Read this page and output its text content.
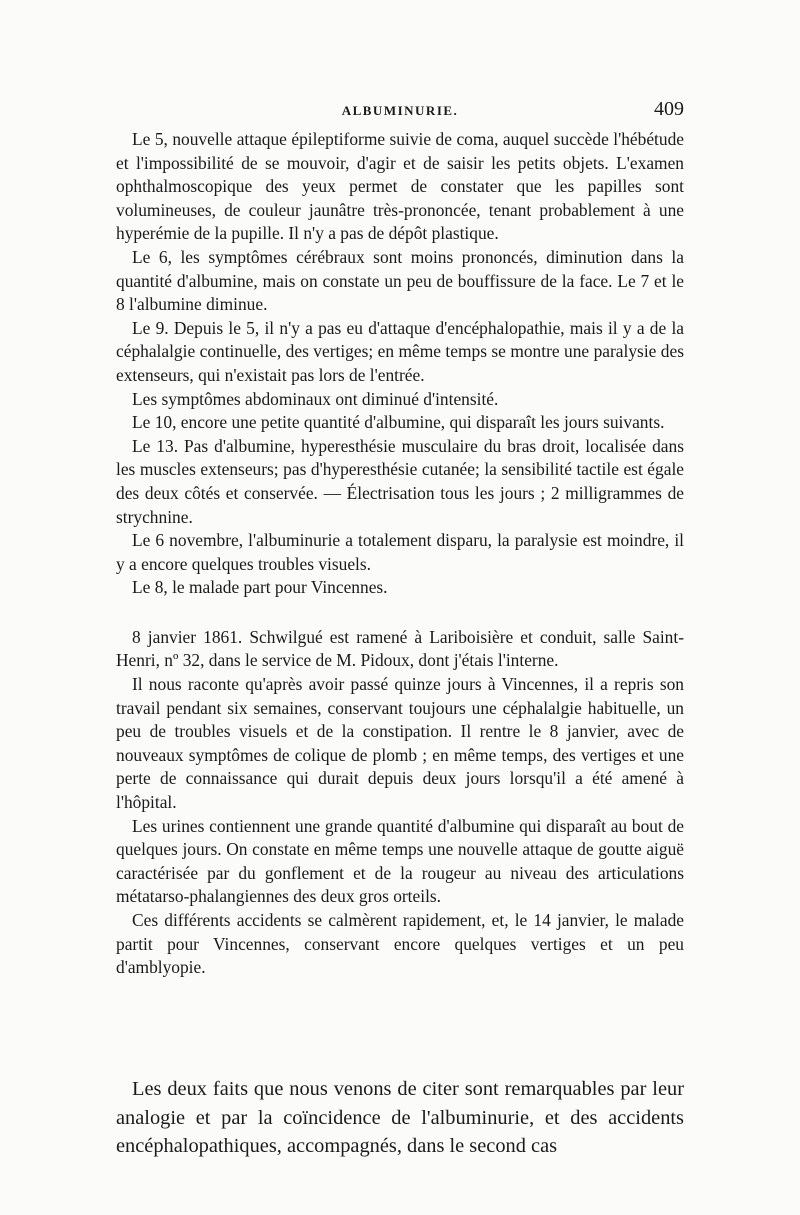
ALBUMINURIE.	409

Le 5, nouvelle attaque épileptiforme suivie de coma, auquel succède l'hébétude et l'impossibilité de se mouvoir, d'agir et de saisir les petits objets. L'examen ophthalmoscopique des yeux permet de constater que les papilles sont volumineuses, de couleur jaunâtre très-prononcée, tenant probablement à une hyperémie de la pupille. Il n'y a pas de dépôt plastique.

Le 6, les symptômes cérébraux sont moins prononcés, diminution dans la quantité d'albumine, mais on constate un peu de bouffissure de la face. Le 7 et le 8 l'albumine diminue.

Le 9. Depuis le 5, il n'y a pas eu d'attaque d'encéphalopathie, mais il y a de la céphalalgie continuelle, des vertiges; en même temps se montre une paralysie des extenseurs, qui n'existait pas lors de l'entrée.

Les symptômes abdominaux ont diminué d'intensité.

Le 10, encore une petite quantité d'albumine, qui disparaît les jours suivants.

Le 13. Pas d'albumine, hyperesthésie musculaire du bras droit, localisée dans les muscles extenseurs; pas d'hyperesthésie cutanée; la sensibilité tactile est égale des deux côtés et conservée. — Électrisation tous les jours ; 2 milligrammes de strychnine.

Le 6 novembre, l'albuminurie a totalement disparu, la paralysie est moindre, il y a encore quelques troubles visuels.

Le 8, le malade part pour Vincennes.

8 janvier 1861. Schwilgué est ramené à Lariboisière et conduit, salle Saint-Henri, nº 32, dans le service de M. Pidoux, dont j'étais l'interne.

Il nous raconte qu'après avoir passé quinze jours à Vincennes, il a repris son travail pendant six semaines, conservant toujours une céphalalgie habituelle, un peu de troubles visuels et de la constipation. Il rentre le 8 janvier, avec de nouveaux symptômes de colique de plomb ; en même temps, des vertiges et une perte de connaissance qui durait depuis deux jours lorsqu'il a été amené à l'hôpital.

Les urines contiennent une grande quantité d'albumine qui disparaît au bout de quelques jours. On constate en même temps une nouvelle attaque de goutte aiguë caractérisée par du gonflement et de la rougeur au niveau des articulations métatarso-phalangiennes des deux gros orteils.

Ces différents accidents se calmèrent rapidement, et, le 14 janvier, le malade partit pour Vincennes, conservant encore quelques vertiges et un peu d'amblyopie.

Les deux faits que nous venons de citer sont remarquables par leur analogie et par la coïncidence de l'albuminurie, et des accidents encéphalopathiques, accompagnés, dans le second cas
